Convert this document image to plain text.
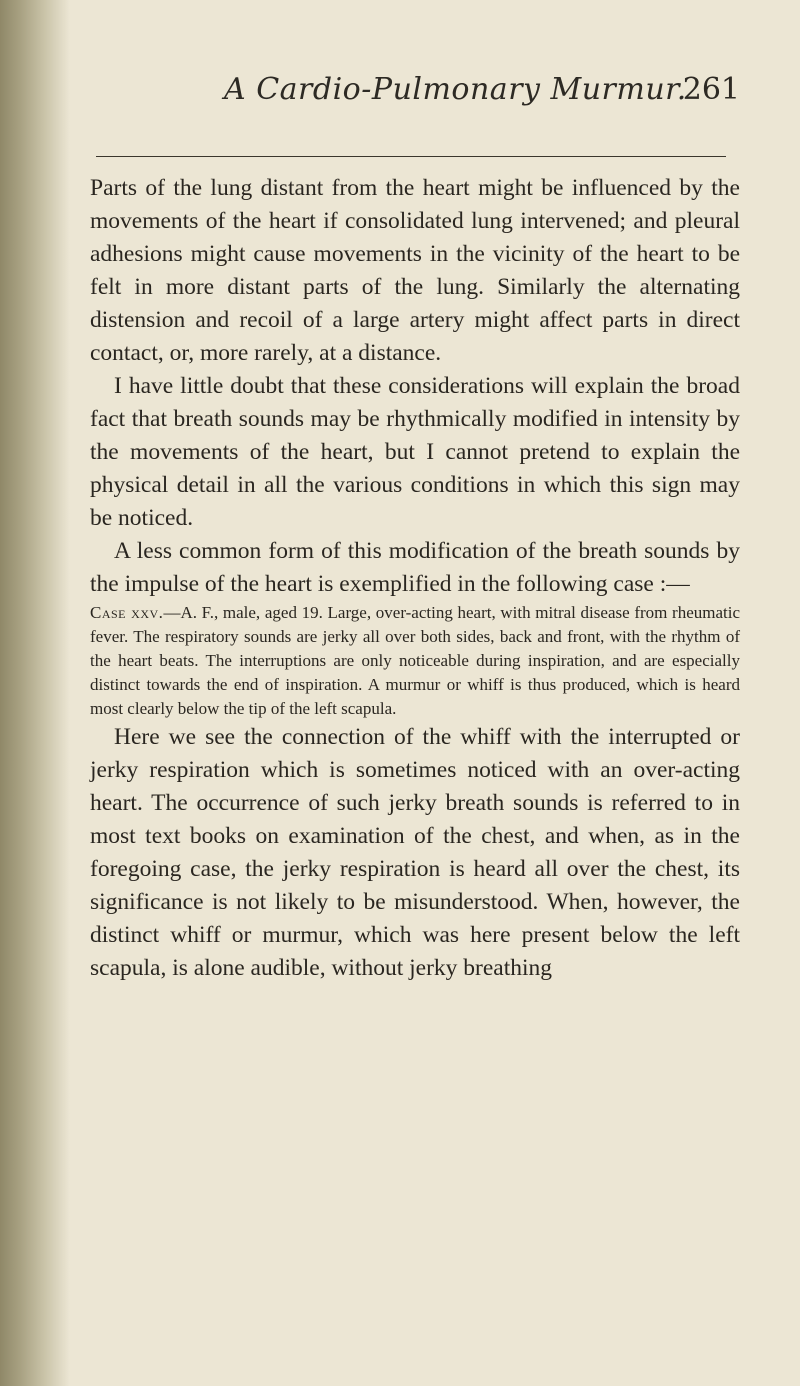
A Cardio-Pulmonary Murmur.
261

Parts of the lung distant from the heart might be influenced by the movements of the heart if consolidated lung intervened; and pleural adhesions might cause movements in the vicinity of the heart to be felt in more distant parts of the lung. Similarly the alternating distension and recoil of a large artery might affect parts in direct contact, or, more rarely, at a distance.

I have little doubt that these considerations will explain the broad fact that breath sounds may be rhythmically modified in intensity by the movements of the heart, but I cannot pretend to explain the physical detail in all the various conditions in which this sign may be noticed.

A less common form of this modification of the breath sounds by the impulse of the heart is exemplified in the following case :—

Case xxv.—A. F., male, aged 19. Large, over-acting heart, with mitral disease from rheumatic fever. The respiratory sounds are jerky all over both sides, back and front, with the rhythm of the heart beats. The interruptions are only noticeable during inspiration, and are especially distinct towards the end of inspiration. A murmur or whiff is thus produced, which is heard most clearly below the tip of the left scapula.

Here we see the connection of the whiff with the interrupted or jerky respiration which is sometimes noticed with an over-acting heart. The occurrence of such jerky breath sounds is referred to in most text books on examination of the chest, and when, as in the foregoing case, the jerky respiration is heard all over the chest, its significance is not likely to be misunderstood. When, however, the distinct whiff or murmur, which was here present below the left scapula, is alone audible, without jerky breathing
